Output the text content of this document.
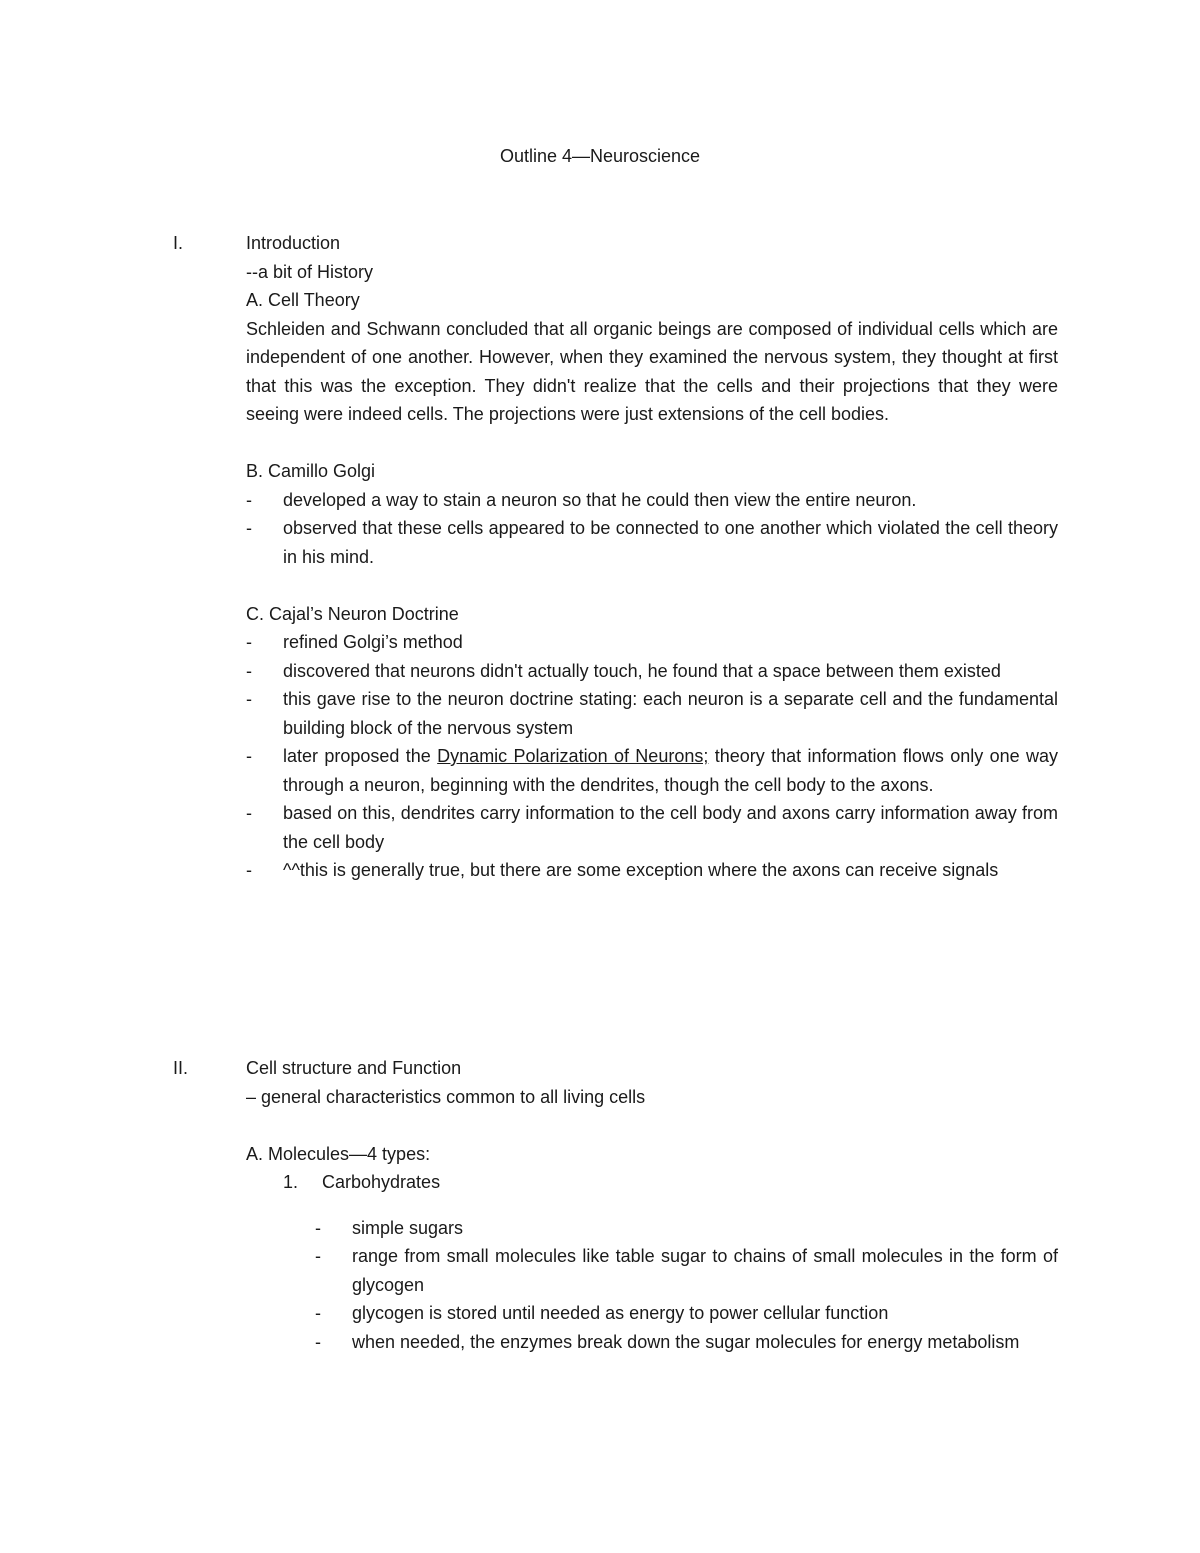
Outline 4—Neuroscience
I.	Introduction
--a bit of History
A. Cell Theory
Schleiden and Schwann concluded that all organic beings are composed of individual cells which are independent of one another. However, when they examined the nervous system, they thought at first that this was the exception. They didn't realize that the cells and their projections that they were seeing were indeed cells. The projections were just extensions of the cell bodies.
B. Camillo Golgi
- developed a way to stain a neuron so that he could then view the entire neuron.
- observed that these cells appeared to be connected to one another which violated the cell theory in his mind.
C. Cajal’s Neuron Doctrine
- refined Golgi’s method
- discovered that neurons didn't actually touch, he found that a space between them existed
- this gave rise to the neuron doctrine stating: each neuron is a separate cell and the fundamental building block of the nervous system
- later proposed the Dynamic Polarization of Neurons; theory that information flows only one way through a neuron, beginning with the dendrites, though the cell body to the axons.
- based on this, dendrites carry information to the cell body and axons carry information away from the cell body
- ^^this is generally true, but there are some exception where the axons can receive signals
II.	Cell structure and Function
– general characteristics common to all living cells
A. Molecules—4 types:
1. Carbohydrates
- simple sugars
- range from small molecules like table sugar to chains of small molecules in the form of glycogen
- glycogen is stored until needed as energy to power cellular function
- when needed, the enzymes break down the sugar molecules for energy metabolism
